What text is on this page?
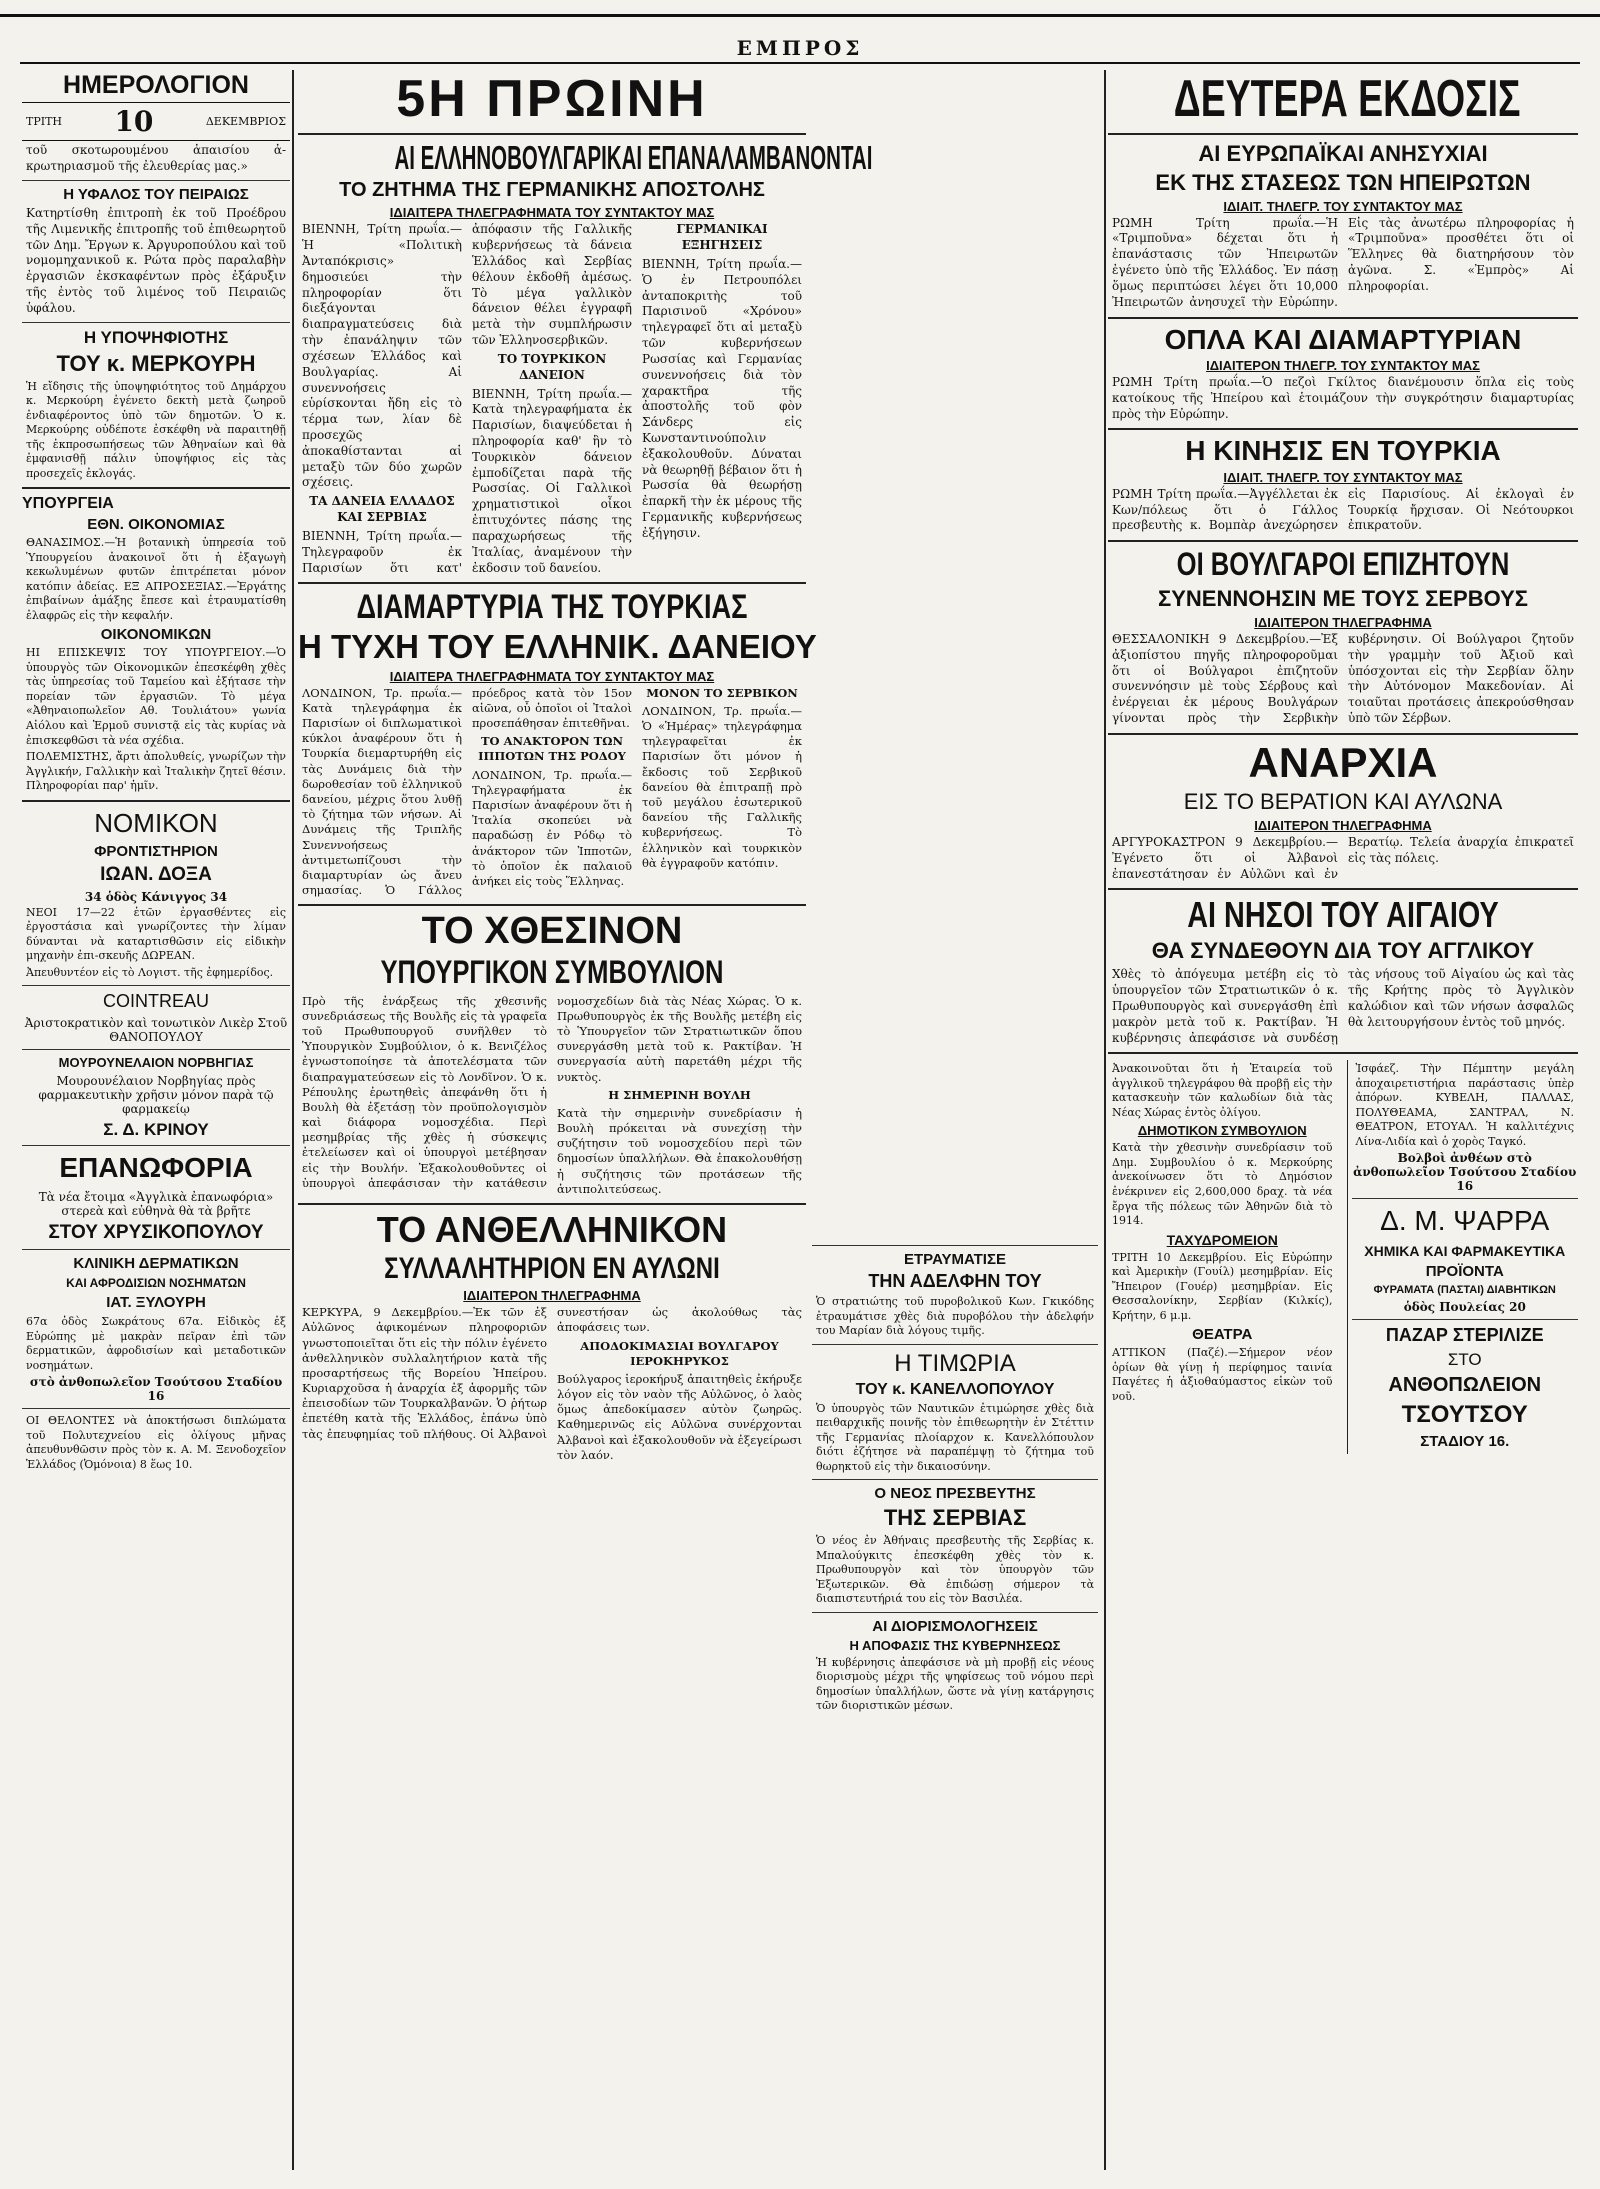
ΕΜΠΡΟΣ
ΗΜΕΡΟΛΟΓΙΟΝ
ΤΡΙΤΗ 10	ΔΕΚΕΜΒΡΙΟΣ
τοῦ σκοτωρουμένου ἀπαισίου ἀ-κρωτηριασμοῦ τῆς ἐλευθερίας μας.»
Η ΥΦΑΛΟΣ ΤΟΥ ΠΕΙΡΑΙΩΣ
Κατηρτίσθη ἐπιτροπὴ ἐκ τοῦ Προέδρου τῆς Λιμενικῆς ἐπιτροπῆς τοῦ ἐπιθεωρητοῦ τῶν Δημ. Ἔργων κ. Ἀργυροπούλου καὶ τοῦ νομομηχανικοῦ κ. Ρώτα πρὸς παραλαβὴν ἐργασιῶν ἐκσκαφέντων πρὸς ἐξάρυξιν τῆς ἐντὸς τοῦ λιμένος τοῦ Πειραιῶς ὑφάλου.
Η ΥΠΟΨΗΦΙΟΤΗΣ
ΤΟΥ κ. ΜΕΡΚΟΥΡΗ
Ἡ εἴδησις τῆς ὑποψηφιότητος τοῦ Δημάρχου κ. Μερκούρη ἐγένετο δεκτὴ μετὰ ζωηροῦ ἐνδιαφέροντος ὑπὸ τῶν δημοτῶν. Ὁ κ. Μερκούρης οὐδέποτε ἐσκέφθη νὰ παραιτηθῇ τῆς ἐκπροσωπήσεως τῶν Ἀθηναίων καὶ θὰ ἐμφανισθῇ πάλιν ὑποψήφιος εἰς τὰς προσεχεῖς ἐκλογάς.
ΥΠΟΥΡΓΕΙΑ
ΕΘΝ. ΟΙΚΟΝΟΜΙΑΣ
ΘΑΝΑΣΙΜΟΣ.—Ἡ βοτανικὴ ὑπηρεσία τοῦ Ὑπουργείου ἀνακοινοῖ ὅτι ἡ ἐξαγωγὴ κεκωλυμένων φυτῶν ἐπιτρέπεται μόνον κατόπιν ἀδείας. ΕΞ ΑΠΡΟΣΕΞΙΑΣ.—Ἐργάτης ἐπιβαίνων ἁμάξης ἔπεσε καὶ ἐτραυματίσθη ἐλαφρῶς εἰς τὴν κεφαλήν.
ΟΙΚΟΝΟΜΙΚΩΝ
ΗΙ ΕΠΙΣΚΕΨΙΣ ΤΟΥ ΥΠΟΥΡΓΕΙΟΥ.—Ὁ ὑπουργὸς τῶν Οἰκονομικῶν ἐπεσκέφθη χθὲς τὰς ὑπηρεσίας τοῦ Ταμείου καὶ ἐξήτασε τὴν πορείαν τῶν ἐργασιῶν. Τὸ μέγα «Ἀθηναιοπωλεῖον Αθ. Τουλιάτου» γωνία Αἰόλου καὶ Ἑρμοῦ συνιστᾷ εἰς τὰς κυρίας νὰ ἐπισκεφθῶσι τὰ νέα σχέδια.
ΠΟΛΕΜΙΣΤΗΣ, ἄρτι ἀπολυθείς, γνωρίζων τὴν Ἀγγλικήν, Γαλλικὴν καὶ Ἰταλικὴν ζητεῖ θέσιν. Πληροφορίαι παρ' ἡμῖν.
ΝΟΜΙΚΟΝ
ΦΡΟΝΤΙΣΤΗΡΙΟΝ
ΙΩΑΝ. ΔΟΞΑ
34 ὁδὸς Κάνιγγος 34
ΝΕΟΙ 17—22 ἐτῶν ἐργασθέντες εἰς ἐργοστάσια καὶ γνωρίζοντες τὴν λίμαν δύνανται νὰ καταρτισθῶσιν εἰς εἰδικὴν μηχανὴν ἐπι-σκευῆς ΔΩΡΕΑΝ.
Ἀπευθυντέον εἰς τὸ Λογιστ. τῆς ἐφημερίδος.
COINTREAU
Ἀριστοκρατικὸν καὶ τονωτικὸν Λικὲρ Στοῦ ΘΑΝΟΠΟΥΛΟΥ
ΜΟΥΡΟΥΝΕΛΑΙΟΝ ΝΟΡΒΗΓΙΑΣ
Μουρουνέλαιον Νορβηγίας πρὸς φαρμακευτικὴν χρῆσιν μόνον παρὰ τῷ φαρμακείῳ
Σ. Δ. ΚΡΙΝΟΥ
ΕΠΑΝΩΦΟΡΙΑ
Τὰ νέα ἔτοιμα «Ἀγγλικὰ ἐπανωφόρια» στερεὰ καὶ εὐθηνὰ θὰ τὰ βρῆτε
ΣΤΟΥ ΧΡΥΣΙΚΟΠΟΥΛΟΥ
ΚΛΙΝΙΚΗ ΔΕΡΜΑΤΙΚΩΝ
ΚΑΙ ΑΦΡΟΔΙΣΙΩΝ ΝΟΣΗΜΑΤΩΝ
ΙΑΤ. ΞΥΛΟΥΡΗ
67α ὁδὸς Σωκράτους 67α. Εἰδικὸς ἐξ Εὐρώπης μὲ μακρὰν πεῖραν ἐπὶ τῶν δερματικῶν, ἀφροδισίων καὶ μεταδοτικῶν νοσημάτων.
στὸ ἀνθοπωλεῖον Τσούτσου Σταδίου 16
ΟΙ ΘΕΛΟΝΤΕΣ νὰ ἀποκτήσωσι διπλώματα τοῦ Πολυτεχνείου εἰς ὀλίγους μῆνας ἀπευθυνθῶσιν πρὸς τὸν κ. Α. Μ. Ξενοδοχεῖον Ἑλλάδος (Ὁμόνοια) 8 ἕως 10.
5Η ΠΡΩΙΝΗ
ΑΙ ΕΛΛΗΝΟΒΟΥΛΓΑΡΙΚΑΙ ΕΠΑΝΑΛΑΜΒΑΝΟΝΤΑΙ
ΤΟ ΖΗΤΗΜΑ ΤΗΣ ΓΕΡΜΑΝΙΚΗΣ ΑΠΟΣΤΟΛΗΣ
ΙΔΙΑΙΤΕΡΑ ΤΗΛΕΓΡΑΦΗΜΑΤΑ ΤΟΥ ΣΥΝΤΑΚΤΟΥ ΜΑΣ
ΒΙΕΝΝΗ, Τρίτη πρωΐα.—Ἡ «Πολιτικὴ Ἀνταπόκρισις» δημοσιεύει τὴν πληροφορίαν ὅτι διεξάγονται διαπραγματεύσεις διὰ τὴν ἐπανάληψιν τῶν σχέσεων Ἑλλάδος καὶ Βουλγαρίας. Αἱ συνεννοήσεις εὑρίσκονται ἤδη εἰς τὸ τέρμα των, λίαν δὲ προσεχῶς ἀποκαθίστανται αἱ μεταξὺ τῶν δύο χωρῶν σχέσεις.
ΤΑ ΔΑΝΕΙΑ ΕΛΛΑΔΟΣ ΚΑΙ ΣΕΡΒΙΑΣ
ΒΙΕΝΝΗ, Τρίτη πρωΐα.—Τηλεγραφοῦν ἐκ Παρισίων ὅτι κατ' ἀπόφασιν τῆς Γαλλικῆς κυβερνήσεως τὰ δάνεια Ἑλλάδος καὶ Σερβίας θέλουν ἐκδοθῆ ἀμέσως. Τὸ μέγα γαλλικὸν δάνειον θέλει ἐγγραφῆ μετὰ τὴν συμπλήρωσιν τῶν Ἑλληνοσερβικῶν.
ΤΟ ΤΟΥΡΚΙΚΟΝ ΔΑΝΕΙΟΝ
ΒΙΕΝΝΗ, Τρίτη πρωΐα.—Κατὰ τηλεγραφήματα ἐκ Παρισίων, διαψεύδεται ἡ πληροφορία καθ' ἣν τὸ Τουρκικὸν δάνειον ἐμποδίζεται παρὰ τῆς Ρωσσίας. Οἱ Γαλλικοὶ χρηματιστικοὶ οἶκοι ἐπιτυχόντες πάσης της παραχωρήσεως τῆς Ἰταλίας, ἀναμένουν τὴν ἐκδοσιν τοῦ δανείου.
ΓΕΡΜΑΝΙΚΑΙ ΕΞΗΓΗΣΕΙΣ
ΒΙΕΝΝΗ, Τρίτη πρωΐα.—Ὁ ἐν Πετρουπόλει ἀνταποκριτὴς τοῦ Παρισινοῦ «Χρόνου» τηλεγραφεῖ ὅτι αἱ μεταξὺ τῶν κυβερνήσεων Ρωσσίας καὶ Γερμανίας συνεννοήσεις διὰ τὸν χαρακτῆρα τῆς ἀποστολῆς τοῦ φὸν Σάνδερς εἰς Κωνσταντινούπολιν ἐξακολουθοῦν. Δύναται νὰ θεωρηθῇ βέβαιον ὅτι ἡ Ρωσσία θὰ θεωρήσῃ ἐπαρκῆ τὴν ἐκ μέρους τῆς Γερμανικῆς κυβερνήσεως ἐξήγησιν.
ΔΙΑΜΑΡΤΥΡΙΑ ΤΗΣ ΤΟΥΡΚΙΑΣ
Η ΤΥΧΗ ΤΟΥ ΕΛΛΗΝΙΚ. ΔΑΝΕΙΟΥ
ΙΔΙΑΙΤΕΡΑ ΤΗΛΕΓΡΑΦΗΜΑΤΑ ΤΟΥ ΣΥΝΤΑΚΤΟΥ ΜΑΣ
ΛΟΝΔΙΝΟΝ, Τρ. πρωΐα.—Κατὰ τηλεγράφημα ἐκ Παρισίων οἱ διπλωματικοὶ κύκλοι ἀναφέρουν ὅτι ἡ Τουρκία διεμαρτυρήθη εἰς τὰς Δυνάμεις διὰ τὴν δωροθεσίαν τοῦ ἑλληνικοῦ δανείου, μέχρις ὅτου λυθῇ τὸ ζήτημα τῶν νήσων. Αἱ Δυνάμεις τῆς Τριπλῆς Συνεννοήσεως ἀντιμετωπίζουσι τὴν διαμαρτυρίαν ὡς ἄνευ σημασίας. Ὁ Γάλλος πρόεδρος κατὰ τὸν 15ον αἰῶνα, οὗ ὁποῖοι οἱ Ἰταλοὶ προσεπάθησαν ἐπιτεθῆναι.
ΤΟ ΑΝΑΚΤΟΡΟΝ ΤΩΝ ΙΠΠΟΤΩΝ ΤΗΣ ΡΟΔΟΥ
ΛΟΝΔΙΝΟΝ, Τρ. πρωΐα.—Τηλεγραφήματα ἐκ Παρισίων ἀναφέρουν ὅτι ἡ Ἰταλία σκοπεύει νὰ παραδώσῃ ἐν Ρόδῳ τὸ ἀνάκτορον τῶν Ἱπποτῶν, τὸ ὁποῖον ἐκ παλαιοῦ ἀνήκει εἰς τοὺς Ἕλληνας.
ΜΟΝΟΝ ΤΟ ΣΕΡΒΙΚΟΝ
ΛΟΝΔΙΝΟΝ, Τρ. πρωΐα.—Ὁ «Ἡμέρας» τηλεγράφημα τηλεγραφεῖται ἐκ Παρισίων ὅτι μόνον ἡ ἔκδοσις τοῦ Σερβικοῦ δανείου θὰ ἐπιτραπῇ πρὸ τοῦ μεγάλου ἐσωτερικοῦ δανείου τῆς Γαλλικῆς κυβερνήσεως. Τὸ ἑλληνικὸν καὶ τουρκικὸν θὰ ἐγγραφοῦν κατόπιν.
ΤΟ ΧΘΕΣΙΝΟΝ
ΥΠΟΥΡΓΙΚΟΝ ΣΥΜΒΟΥΛΙΟΝ
Πρὸ τῆς ἐνάρξεως τῆς χθεσινῆς συνεδριάσεως τῆς Βουλῆς εἰς τὰ γραφεῖα τοῦ Πρωθυπουργοῦ συνῆλθεν τὸ Ὑπουργικὸν Συμβούλιον, ὁ κ. Βενιζέλος ἐγνωστοποίησε τὰ ἀποτελέσματα τῶν διαπραγματεύσεων εἰς τὸ Λονδῖνον. Ὁ κ. Ρέπουλης ἐρωτηθεὶς ἀπεφάνθη ὅτι ἡ Βουλὴ θὰ ἐξετάσῃ τὸν προϋπολογισμὸν καὶ διάφορα νομοσχέδια. Περὶ μεσημβρίας τῆς χθὲς ἡ σύσκεψις ἐτελείωσεν καὶ οἱ ὑπουργοὶ μετέβησαν εἰς τὴν Βουλήν. Ἐξακολουθοῦντες οἱ ὑπουργοὶ ἀπεφάσισαν τὴν κατάθεσιν νομοσχεδίων διὰ τὰς Νέας Χώρας. Ὁ κ. Πρωθυπουργὸς ἐκ τῆς Βουλῆς μετέβη εἰς τὸ Ὑπουργεῖον τῶν Στρατιωτικῶν ὅπου συνεργάσθη μετὰ τοῦ κ. Ρακτίβαν. Ἡ συνεργασία αὐτὴ παρετάθη μέχρι τῆς νυκτὸς.
Η ΣΗΜΕΡΙΝΗ ΒΟΥΛΗ
Κατὰ τὴν σημερινὴν συνεδρίασιν ἡ Βουλὴ πρόκειται νὰ συνεχίσῃ τὴν συζήτησιν τοῦ νομοσχεδίου περὶ τῶν δημοσίων ὑπαλλήλων. Θὰ ἐπακολουθήσῃ ἡ συζήτησις τῶν προτάσεων τῆς ἀντιπολιτεύσεως.
ΤΟ ΑΝΘΕΛΛΗΝΙΚΟΝ
ΣΥΛΛΑΛΗΤΗΡΙΟΝ ΕΝ ΑΥΛΩΝΙ
ΙΔΙΑΙΤΕΡΟΝ ΤΗΛΕΓΡΑΦΗΜΑ
ΚΕΡΚΥΡΑ, 9 Δεκεμβρίου.—Ἐκ τῶν ἐξ Αὐλῶνος ἀφικομένων πληροφοριῶν γνωστοποιεῖται ὅτι εἰς τὴν πόλιν ἐγένετο ἀνθελληνικὸν συλλαλητήριον κατὰ τῆς προσαρτήσεως τῆς Βορείου Ἠπείρου. Κυριαρχοῦσα ἡ ἀναρχία ἐξ ἀφορμῆς τῶν ἐπεισοδίων τῶν Τουρκαλβανῶν. Ὁ ῥήτωρ ἐπετέθη κατὰ τῆς Ἑλλάδος, ἐπάνω ὑπὸ τὰς ἐπευφημίας τοῦ πλήθους. Οἱ Ἀλβανοὶ συνεστήσαν ὡς ἀκολούθως τὰς ἀποφάσεις των.
ΑΠΟΔΟΚΙΜΑΣΙΑΙ ΒΟΥΛΓΑΡΟΥ ΙΕΡΟΚΗΡΥΚΟΣ
Βούλγαρος ἱεροκήρυξ ἀπαιτηθεὶς ἐκήρυξε λόγον εἰς τὸν ναὸν τῆς Αὐλῶνος, ὁ λαὸς ὅμως ἀπεδοκίμασεν αὐτὸν ζωηρῶς. Καθημερινῶς εἰς Αὐλῶνα συνέρχονται Ἀλβανοὶ καὶ ἐξακολουθοῦν νὰ ἐξεγείρωσι τὸν λαόν.
ΕΤΡΑΥΜΑΤΙΣΕ
ΤΗΝ ΑΔΕΛΦΗΝ ΤΟΥ
Ὁ στρατιώτης τοῦ πυροβολικοῦ Κων. Γκικόδης ἐτραυμάτισε χθὲς διὰ πυροβόλου τὴν ἀδελφήν του Μαρίαν διὰ λόγους τιμῆς.
Η ΤΙΜΩΡΙΑ
ΤΟΥ κ. ΚΑΝΕΛΛΟΠΟΥΛΟΥ
Ὁ ὑπουργὸς τῶν Ναυτικῶν ἐτιμώρησε χθὲς διὰ πειθαρχικῆς ποινῆς τὸν ἐπιθεωρητὴν ἐν Στέττιν τῆς Γερμανίας πλοίαρχον κ. Κανελλόπουλον διότι ἐζήτησε νὰ παραπέμψῃ τὸ ζήτημα τοῦ θωρηκτοῦ εἰς τὴν δικαιοσύνην.
Ο ΝΕΟΣ ΠΡΕΣΒΕΥΤΗΣ
ΤΗΣ ΣΕΡΒΙΑΣ
Ὁ νέος ἐν Ἀθήναις πρεσβευτὴς τῆς Σερβίας κ. Μπαλούγκιτς ἐπεσκέφθη χθὲς τὸν κ. Πρωθυπουργὸν καὶ τὸν ὑπουργὸν τῶν Ἐξωτερικῶν. Θὰ ἐπιδώσῃ σήμερον τὰ διαπιστευτήριά του εἰς τὸν Βασιλέα.
ΑΙ ΔΙΟΡΙΣΜΟΛΟΓΗΣΕΙΣ
Η ΑΠΟΦΑΣΙΣ ΤΗΣ ΚΥΒΕΡΝΗΣΕΩΣ
Ἡ κυβέρνησις ἀπεφάσισε νὰ μὴ προβῇ εἰς νέους διορισμοὺς μέχρι τῆς ψηφίσεως τοῦ νόμου περὶ δημοσίων ὑπαλλήλων, ὥστε νὰ γίνῃ κατάργησις τῶν διοριστικῶν μέσων.
ΔΕΥΤΕΡΑ ΕΚΔΟΣΙΣ
ΑΙ ΕΥΡΩΠΑΪΚΑΙ ΑΝΗΣΥΧΙΑΙ
ΕΚ ΤΗΣ ΣΤΑΣΕΩΣ ΤΩΝ ΗΠΕΙΡΩΤΩΝ
ΙΔΙΑΙΤ. ΤΗΛΕΓΡ. ΤΟΥ ΣΥΝΤΑΚΤΟΥ ΜΑΣ
ΡΩΜΗ Τρίτη πρωΐα.—Ἡ «Τριμποῦνα» δέχεται ὅτι ἡ ἐπανάστασις τῶν Ἠπειρωτῶν ἐγένετο ὑπὸ τῆς Ἑλλάδος. Ἐν πάσῃ ὅμως περιπτώσει λέγει ὅτι 10,000 Ἠπειρωτῶν ἀνησυχεῖ τὴν Εὐρώπην. Εἰς τὰς ἀνωτέρω πληροφορίας ἡ «Τριμποῦνα» προσθέτει ὅτι οἱ Ἕλληνες θὰ διατηρήσουν τὸν ἀγῶνα. Σ. «Ἐμπρὸς» Αἱ πληροφορίαι.
ΟΠΛΑ ΚΑΙ ΔΙΑΜΑΡΤΥΡΙΑΝ
ΙΔΙΑΙΤΕΡΟΝ ΤΗΛΕΓΡ. ΤΟΥ ΣΥΝΤΑΚΤΟΥ ΜΑΣ
ΡΩΜΗ Τρίτη πρωΐα.—Ὁ πεζοὶ Γκίλτος διανέμουσιν ὅπλα εἰς τοὺς κατοίκους τῆς Ἠπείρου καὶ ἑτοιμάζουν τὴν συγκρότησιν διαμαρτυρίας πρὸς τὴν Εὐρώπην.
Η ΚΙΝΗΣΙΣ ΕΝ ΤΟΥΡΚΙΑ
ΙΔΙΑΙΤ. ΤΗΛΕΓΡ. ΤΟΥ ΣΥΝΤΑΚΤΟΥ ΜΑΣ
ΡΩΜΗ Τρίτη πρωΐα.—Ἀγγέλλεται ἐκ Κων/πόλεως ὅτι ὁ Γάλλος πρεσβευτὴς κ. Βομπὰρ ἀνεχώρησεν εἰς Παρισίους. Αἱ ἐκλογαὶ ἐν Τουρκίᾳ ἤρχισαν. Οἱ Νεότουρκοι ἐπικρατοῦν.
ΟΙ ΒΟΥΛΓΑΡΟΙ ΕΠΙΖΗΤΟΥΝ
ΣΥΝΕΝΝΟΗΣΙΝ ΜΕ ΤΟΥΣ ΣΕΡΒΟΥΣ
ΙΔΙΑΙΤΕΡΟΝ ΤΗΛΕΓΡΑΦΗΜΑ
ΘΕΣΣΑΛΟΝΙΚΗ 9 Δεκεμβρίου.—Ἐξ ἀξιοπίστου πηγῆς πληροφοροῦμαι ὅτι οἱ Βούλγαροι ἐπιζητοῦν συνεννόησιν μὲ τοὺς Σέρβους καὶ ἐνέργειαι ἐκ μέρους Βουλγάρων γίνονται πρὸς τὴν Σερβικὴν κυβέρνησιν. Οἱ Βούλγαροι ζητοῦν τὴν γραμμὴν τοῦ Ἀξιοῦ καὶ ὑπόσχονται εἰς τὴν Σερβίαν ὅλην τὴν Αὐτόνομον Μακεδονίαν. Αἱ τοιαῦται προτάσεις ἀπεκρούσθησαν ὑπὸ τῶν Σέρβων.
ΑΝΑΡΧΙΑ
ΕΙΣ ΤΟ ΒΕΡΑΤΙΟΝ ΚΑΙ ΑΥΛΩΝΑ
ΙΔΙΑΙΤΕΡΟΝ ΤΗΛΕΓΡΑΦΗΜΑ
ΑΡΓΥΡΟΚΑΣΤΡΟΝ 9 Δεκεμβρίου.—Ἐγένετο ὅτι οἱ Ἀλβανοὶ ἐπανεστάτησαν ἐν Αὐλῶνι καὶ ἐν Βερατίῳ. Τελεία ἀναρχία ἐπικρατεῖ εἰς τὰς πόλεις.
ΑΙ ΝΗΣΟΙ ΤΟΥ ΑΙΓΑΙΟΥ
ΘΑ ΣΥΝΔΕΘΟΥΝ ΔΙΑ ΤΟΥ ΑΓΓΛΙΚΟΥ
Χθὲς τὸ ἀπόγευμα μετέβη εἰς τὸ ὑπουργεῖον τῶν Στρατιωτικῶν ὁ κ. Πρωθυπουργὸς καὶ συνεργάσθη ἐπὶ μακρὸν μετὰ τοῦ κ. Ρακτίβαν. Ἡ κυβέρνησις ἀπεφάσισε νὰ συνδέσῃ τὰς νήσους τοῦ Αἰγαίου ὡς καὶ τὰς τῆς Κρήτης πρὸς τὸ Ἀγγλικὸν καλώδιον καὶ τῶν νήσων ἀσφαλῶς θὰ λειτουργήσουν ἐντὸς τοῦ μηνός.
Ἀνακοινοῦται ὅτι ἡ Ἑταιρεία τοῦ ἀγγλικοῦ τηλεγράφου θὰ προβῇ εἰς τὴν κατασκευὴν τῶν καλωδίων διὰ τὰς Νέας Χώρας ἐντὸς ὀλίγου.
ΔΗΜΟΤΙΚΟΝ ΣΥΜΒΟΥΛΙΟΝ
Κατὰ τὴν χθεσινὴν συνεδρίασιν τοῦ Δημ. Συμβουλίου ὁ κ. Μερκούρης ἀνεκοίνωσεν ὅτι τὸ Δημόσιον ἐνέκρινεν εἰς 2,600,000 δραχ. τὰ νέα ἔργα τῆς πόλεως τῶν Ἀθηνῶν διὰ τὸ 1914.
ΤΑΧΥΔΡΟΜΕΙΟΝ
ΤΡΙΤΗ 10 Δεκεμβρίου. Εἰς Εὐρώπην καὶ Ἀμερικὴν (Γουίλ) μεσημβρίαν. Εἰς Ἤπειρον (Γουέρ) μεσημβρίαν. Εἰς Θεσσαλονίκην, Σερβίαν (Κιλκίς), Κρήτην, 6 μ.μ.
ΘΕΑΤΡΑ
ΑΤΤΙΚΟΝ (Παζέ).—Σήμερον νέον ὁρίων θὰ γίνῃ ἡ περίφημος ταινία Παγέτες ἡ ἀξιοθαύμαστος εἰκὼν τοῦ νοῦ.
Ἰσφάεζ. Τὴν Πέμπτην μεγάλη ἀποχαιρετιστήρια παράστασις ὑπὲρ ἀπόρων. ΚΥΒΕΛΗ, ΠΑΛΛΑΣ, ΠΟΛΥΘΕΑΜΑ, ΣΑΝΤΡΑΛ, Ν. ΘΕΑΤΡΟΝ, ΕΤΟΥΑΛ. Ἡ καλλιτέχνις Λίνα-Λιδία καὶ ὁ χορὸς Ταγκό.
Βολβοὶ ἀνθέων στὸ ἀνθοπωλεῖον Τσούτσου Σταδίου 16
Δ. Μ. ΨΑΡΡΑ
ΧΗΜΙΚΑ ΚΑΙ ΦΑΡΜΑΚΕΥΤΙΚΑ
ΠΡΟΪΟΝΤΑ
ΦΥΡΑΜΑΤΑ (ΠΑΣΤΑΙ) ΔΙΑΒΗΤΙΚΩΝ
ὁδὸς Πουλείας 20
ΠΑΖΑΡ ΣΤΕΡΙΛΙΖΕ
ΣΤΟ
ΑΝΘΟΠΩΛΕΙΟΝ
ΤΣΟΥΤΣΟΥ
ΣΤΑΔΙΟΥ 16.
